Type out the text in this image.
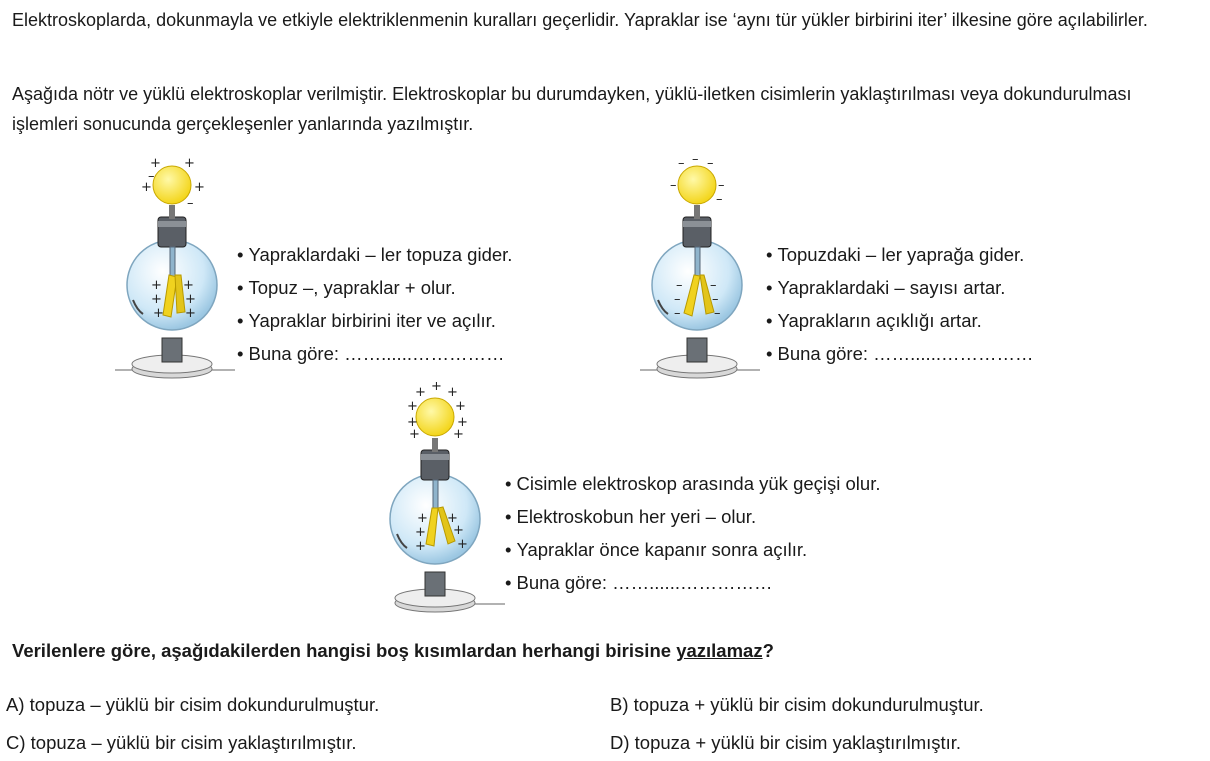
Elektroskoplarda, dokunmayla ve etkiyle elektriklenmenin kuralları geçerlidir. Yapraklar ise ‘aynı tür yükler birbirini iter’ ilkesine göre açılabilirler.

Aşağıda nötr ve yüklü elektroskoplar verilmiştir. Elektroskoplar bu durumdayken, yüklü-iletken cisimlerin yaklaştırılması veya dokundurulması işlemleri sonucunda gerçekleşenler yanlarında yazılmıştır.

+ +
+	+
–
–
+ +
+ +
+ +
• Yapraklardaki – ler topuza gider.
• Topuz –, yapraklar + olur.
• Yapraklar birbirini iter ve açılır.
• Buna göre: ……......……………
– – –
–	–
–
– –
– –
–	–
• Topuzdaki – ler yaprağa gider.
• Yapraklardaki – sayısı artar.
• Yaprakların açıklığı artar.
• Buna göre: ……......……………
+ + +
+	+
+	+
+	+
+ +
+ +
+ +
• Cisimle elektroskop arasında yük geçişi olur.
• Elektroskobun her yeri – olur.
• Yapraklar önce kapanır sonra açılır.
• Buna göre: ……......……………

Verilenlere göre, aşağıdakilerden hangisi boş kısımlardan herhangi birisine yazılamaz?

A) topuza – yüklü bir cisim dokundurulmuştur.	B) topuza + yüklü bir cisim dokundurulmuştur.
C) topuza – yüklü bir cisim yaklaştırılmıştır.	D) topuza + yüklü bir cisim yaklaştırılmıştır.
